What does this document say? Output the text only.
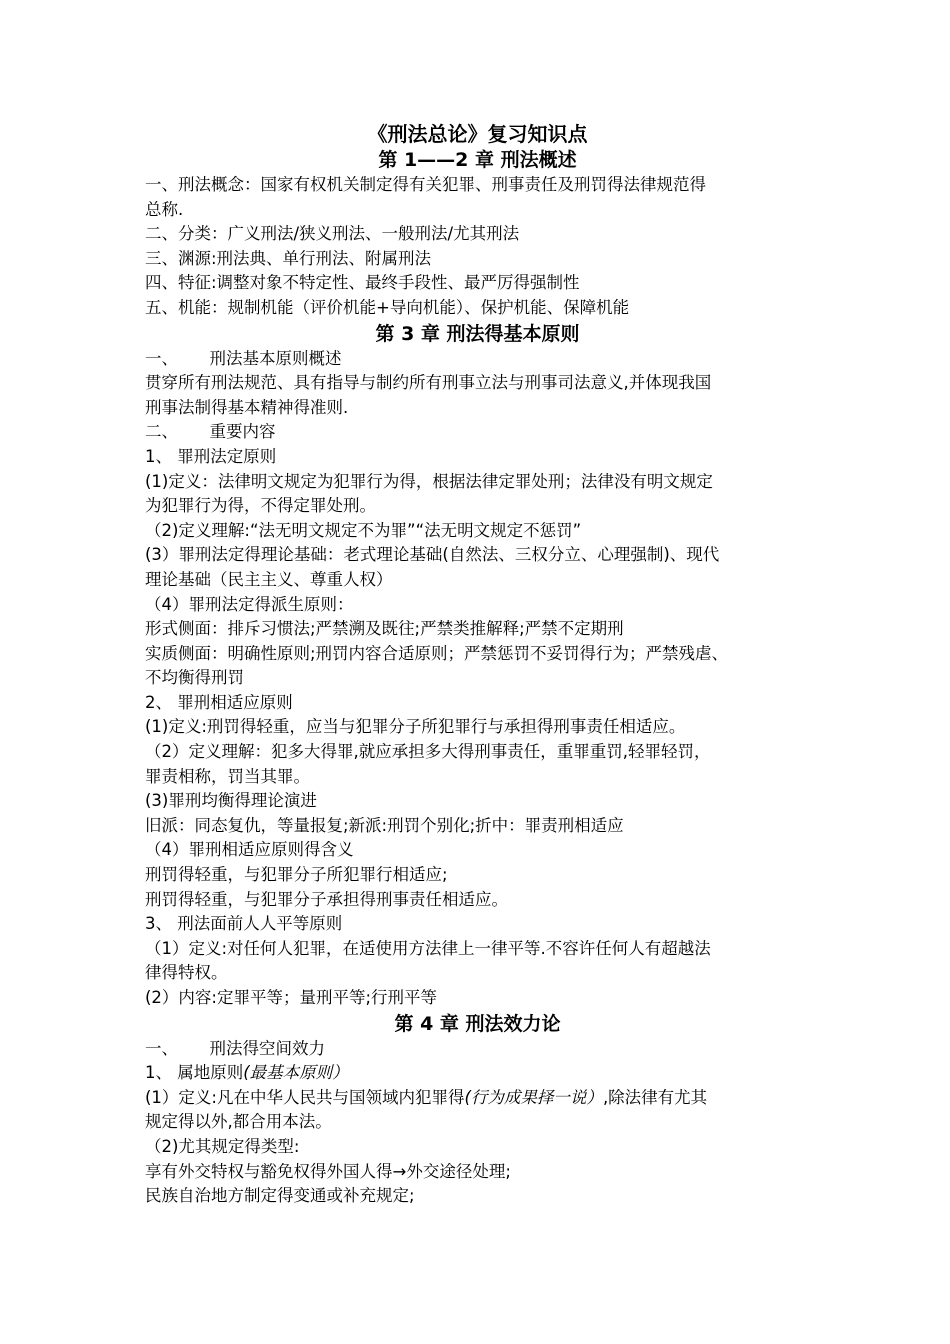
《刑法总论》复习知识点

第 1——2 章 刑法概述

一、刑法概念：国家有权机关制定得有关犯罪、刑事责任及刑罚得法律规范得

总称.

二、分类：广义刑法/狭义刑法、一般刑法/尤其刑法

三、渊源:刑法典、单行刑法、附属刑法

四、特征:调整对象不特定性、最终手段性、最严厉得强制性

五、机能：规制机能（评价机能+导向机能）、保护机能、保障机能

第 3 章 刑法得基本原则

一、      刑法基本原则概述

贯穿所有刑法规范、具有指导与制约所有刑事立法与刑事司法意义,并体现我国

刑事法制得基本精神得准则.

二、      重要内容

1、 罪刑法定原则

(1)定义：法律明文规定为犯罪行为得，根据法律定罪处刑；法律没有明文规定

为犯罪行为得，不得定罪处刑。

（2)定义理解:“法无明文规定不为罪”“法无明文规定不惩罚”

(3）罪刑法定得理论基础：老式理论基础(自然法、三权分立、心理强制)、现代

理论基础（民主主义、尊重人权）

（4）罪刑法定得派生原则：

形式侧面：排斥习惯法;严禁溯及既往;严禁类推解释;严禁不定期刑

实质侧面：明确性原则;刑罚内容合适原则；严禁惩罚不妥罚得行为；严禁残虐、

不均衡得刑罚

2、 罪刑相适应原则

(1)定义:刑罚得轻重，应当与犯罪分子所犯罪行与承担得刑事责任相适应。

（2）定义理解：犯多大得罪,就应承担多大得刑事责任，重罪重罚,轻罪轻罚，

罪责相称，罚当其罪。

(3)罪刑均衡得理论演进

旧派：同态复仇，等量报复;新派:刑罚个别化;折中：罪责刑相适应

（4）罪刑相适应原则得含义

刑罚得轻重，与犯罪分子所犯罪行相适应;

刑罚得轻重，与犯罪分子承担得刑事责任相适应。

3、 刑法面前人人平等原则

（1）定义:对任何人犯罪，在适使用方法律上一律平等.不容许任何人有超越法

律得特权。

(2）内容:定罪平等；量刑平等;行刑平等

第 4 章 刑法效力论

一、      刑法得空间效力

1、 属地原则(最基本原则）

(1）定义:凡在中华人民共与国领域内犯罪得(行为成果择一说）,除法律有尤其

规定得以外,都合用本法。

（2)尤其规定得类型:

享有外交特权与豁免权得外国人得→外交途径处理;

民族自治地方制定得变通或补充规定;
